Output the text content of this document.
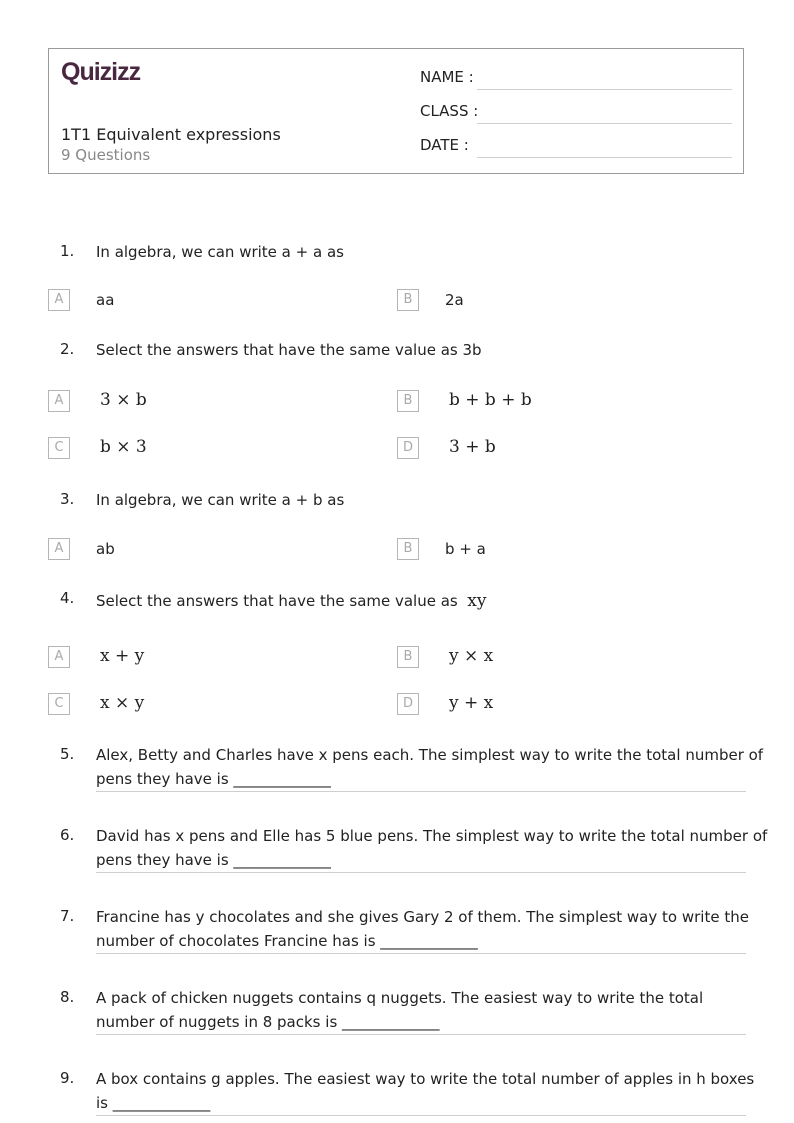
Quizizz
1T1 Equivalent expressions
9 Questions
NAME :
CLASS :
DATE :
1. In algebra, we can write a + a as
A	aa	B	2a
2. Select the answers that have the same value as 3b
A	3 × b	B	b + b + b
C	b × 3	D	3 + b
3. In algebra, we can write a + b as
A	ab	B	b + a
4. Select the answers that have the same value as xy
A	x + y	B	y × x
C	x × y	D	y + x
5. Alex, Betty and Charles have x pens each. The simplest way to write the total number of
pens they have is _____________
6. David has x pens and Elle has 5 blue pens. The simplest way to write the total number of
pens they have is _____________
7. Francine has y chocolates and she gives Gary 2 of them. The simplest way to write the
number of chocolates Francine has is _____________
8. A pack of chicken nuggets contains q nuggets. The easiest way to write the total
number of nuggets in 8 packs is _____________
9. A box contains g apples. The easiest way to write the total number of apples in h boxes
is _____________
